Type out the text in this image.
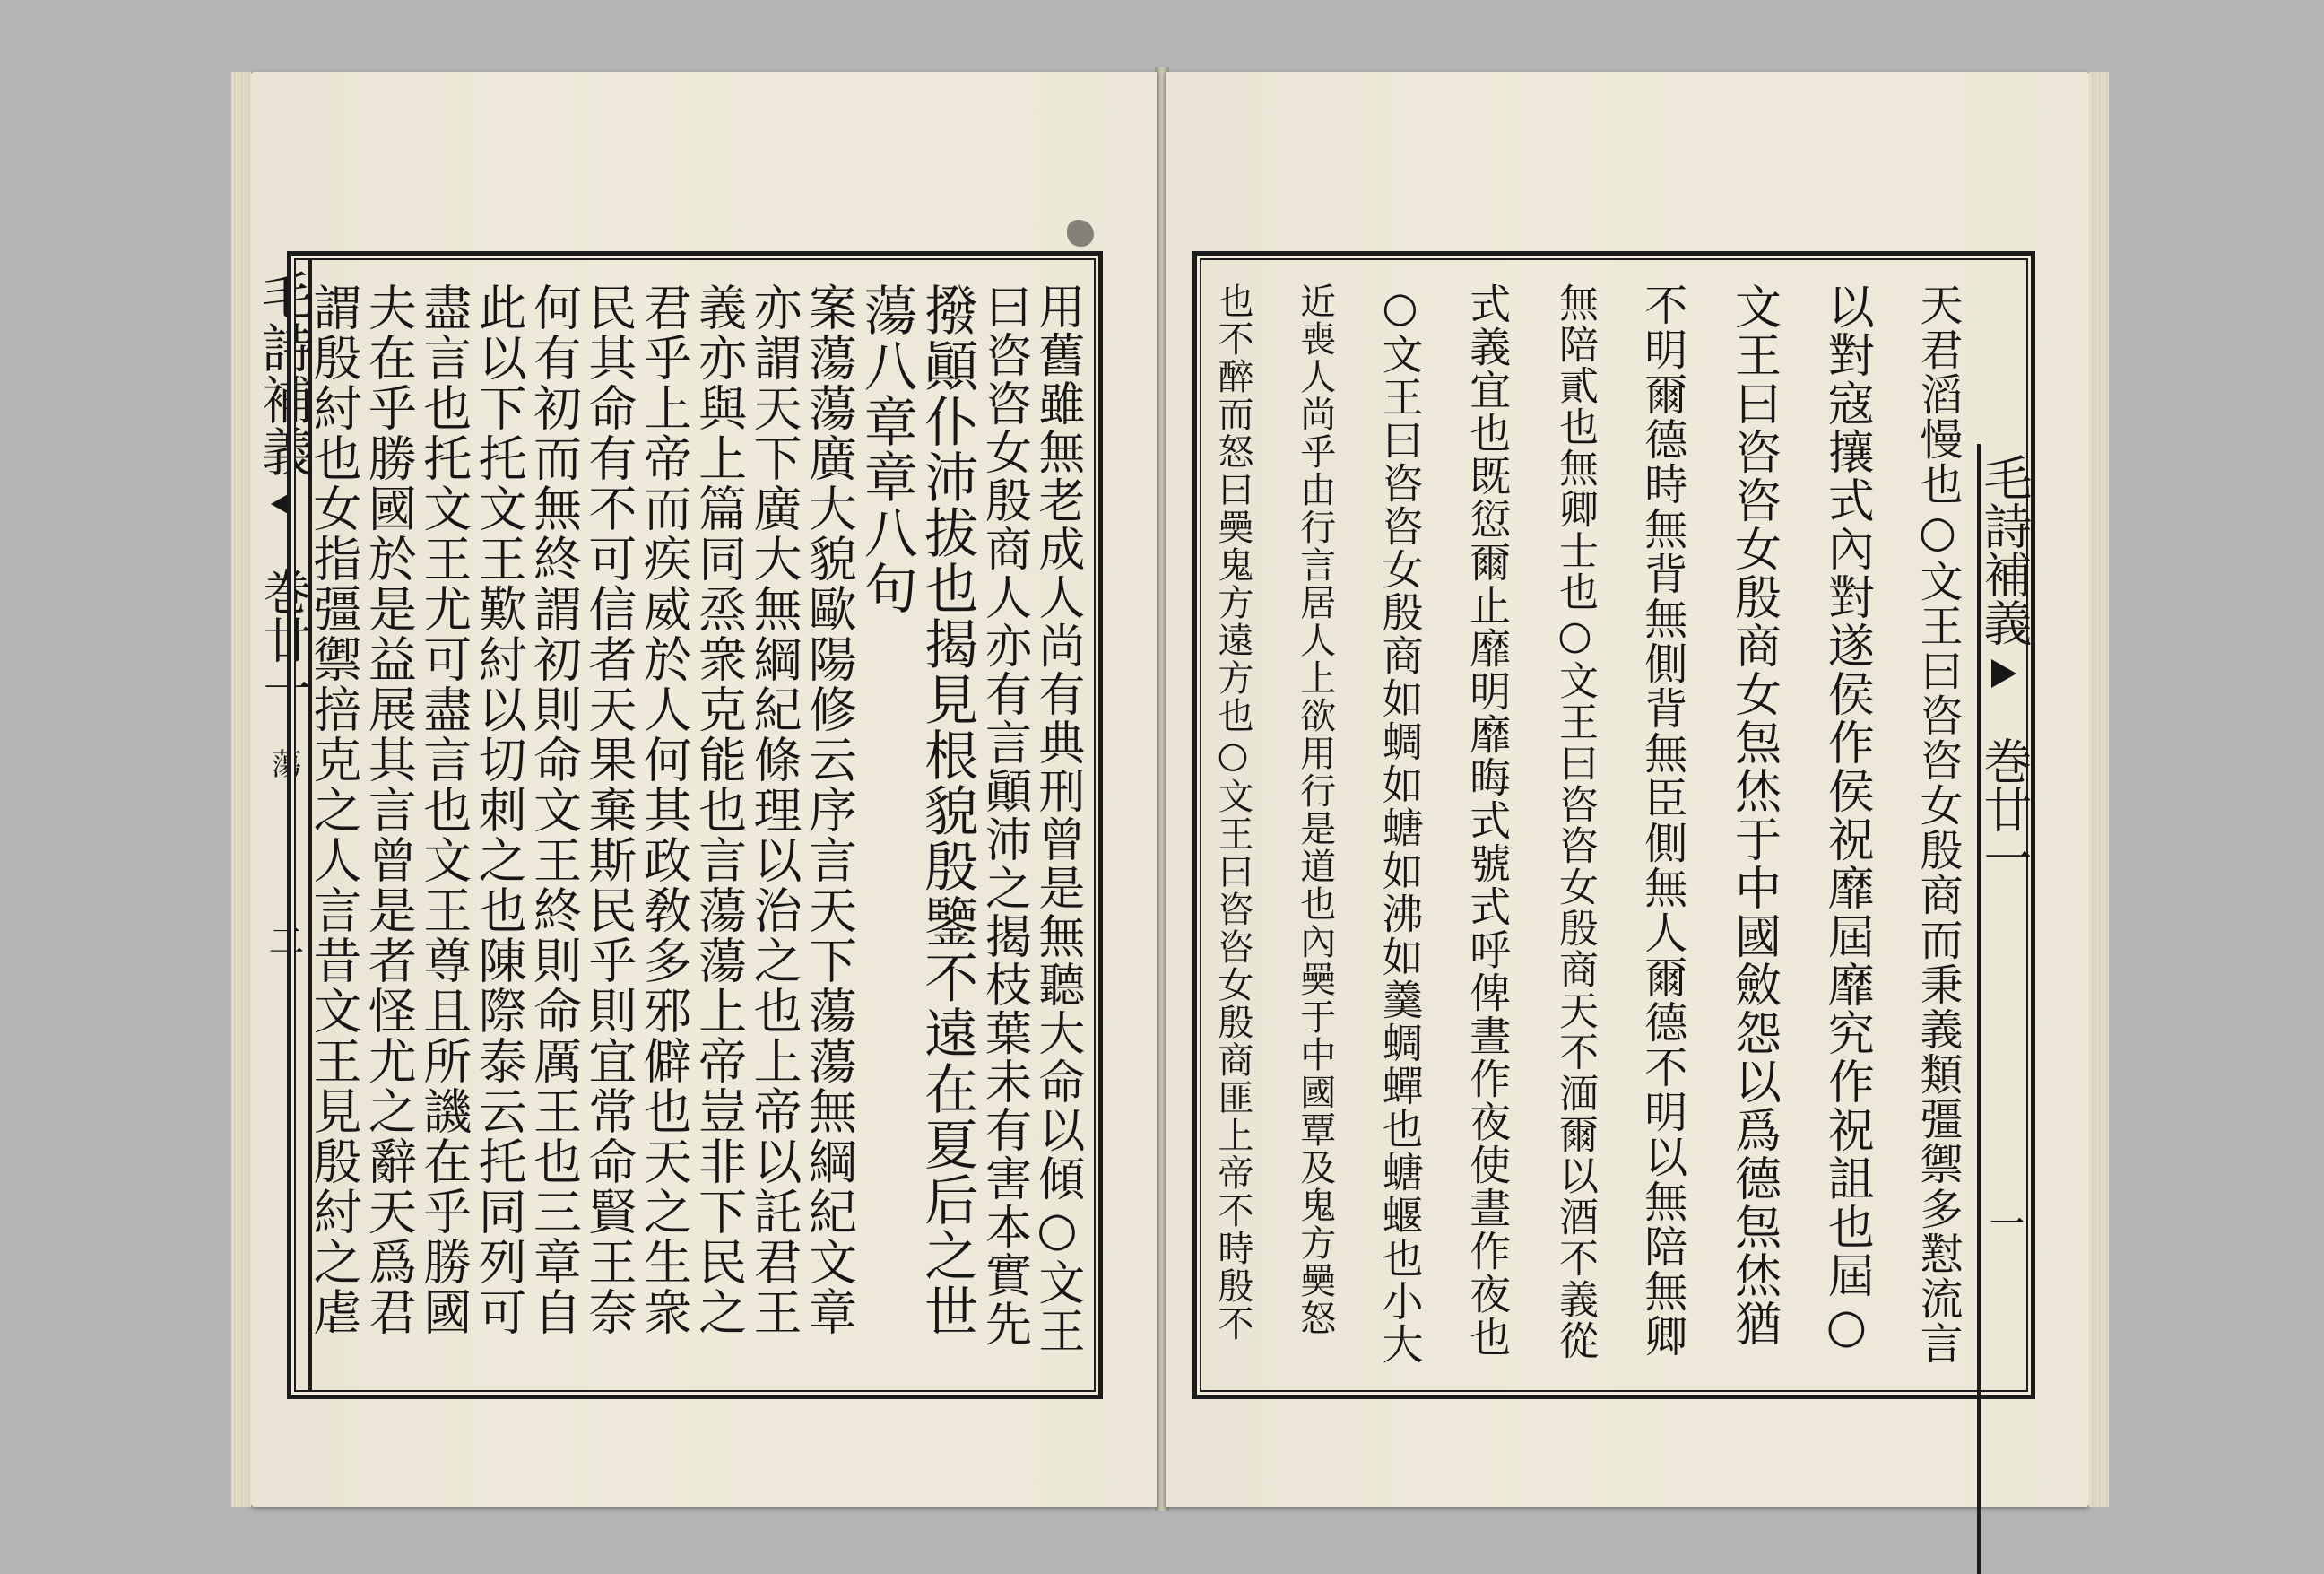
毛詩補義
巻廿一
蕩
二	用舊雖無老成人尚有典刑曾是無聽大命以傾○文王
曰咨咨女殷商人亦有言顚沛之揭枝葉未有害本實先
撥顚仆沛拔也揭見根貌殷鑒不遠在夏后之世
蕩八章章八句
案蕩蕩廣大貌歐陽修云序言天下蕩蕩無綱紀文章
亦謂天下廣大無綱紀條理以治之也上帝以託君王
義亦與上篇同烝衆克能也言蕩蕩上帝豈非下民之
君乎上帝而疾威於人何其政敎多邪僻也天之生衆
民其命有不可信者天果棄斯民乎則宜常命賢王奈
何有初而無終謂初則命文王終則命厲王也三章自
此以下托文王歎紂以切刺之也陳際泰云托同列可
盡言也托文王尤可盡言也文王尊且所譏在乎勝國
夫在乎勝國於是益展其言曾是者怪尤之辭天爲君
謂殷紂也女指彊禦掊克之人言昔文王見殷紂之虐	天君滔慢也○文王曰咨咨女殷商而秉義類彊禦多懟流言
以對寇攘式內對遂侯作侯祝靡屆靡究作祝詛也屆○
文王曰咨咨女殷商女炰烋于中國斂怨以爲德炰烋猶
不明爾德時無背無側背無臣側無人爾德不明以無陪無卿
無陪貳也無卿士也○文王曰咨咨女殷商天不湎爾以酒不義從
式義宜也既愆爾止靡明靡晦式號式呼俾晝作夜使晝作夜也
○文王曰咨咨女殷商如蜩如螗如沸如羹蜩蟬也螗蝘也小大
近喪人尚乎由行言居人上欲用行是道也內奰于中國覃及鬼方奰怒
也不醉而怒曰奰鬼方遠方也○文王曰咨咨女殷商匪上帝不時殷不	毛詩補義
巻廿一
一
